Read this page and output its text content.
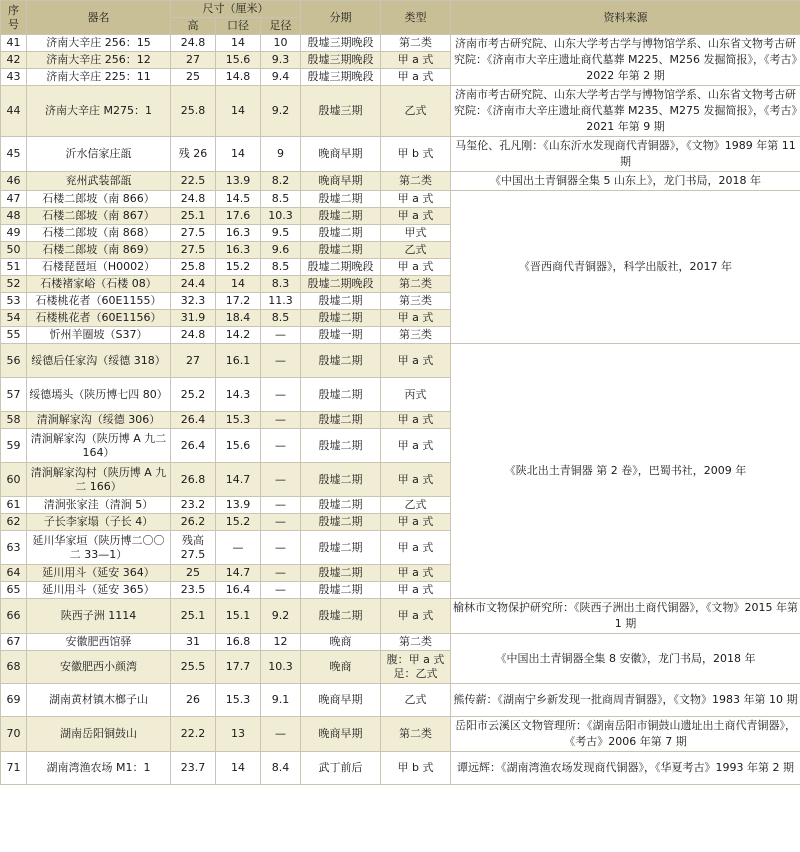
序号	器名	尺寸（厘米）			分期	类型	资料来源
		高	口径	足径			
41	济南大辛庄 256：15	24.8	14	10	殷墟三期晚段	第二类	济南市考古研究院、山东大学考古学与博物馆学系、山东省文物考古研究院：《济南市大辛庄遗址商代墓葬 M225、M256 发掘简报》，《考古》2022 年第 2 期
42	济南大辛庄 256：12	27	15.6	9.3	殷墟三期晚段	甲 a 式	
43	济南大辛庄 225：11	25	14.8	9.4	殷墟三期晚段	甲 a 式	
44	济南大辛庄 M275：1	25.8	14	9.2	殷墟三期	乙式	济南市考古研究院、山东大学考古学与博物馆学系、山东省文物考古研究院：《济南市大辛庄遗址商代墓葬 M235、M275 发掘简报》，《考古》2021 年第 9 期
45	沂水信家庄瓿	残 26	14	9	晚商早期	甲 b 式	马玺伦、孔凡刚：《山东沂水发现商代青铜器》，《文物》1989 年第 11 期
46	兖州武装部瓿	22.5	13.9	8.2	晚商早期	第二类	《中国出土青铜器全集 5 山东上》，龙门书局，2018 年
47	石楼二郎坡（南 866）	24.8	14.5	8.5	殷墟二期	甲 a 式	《晋西商代青铜器》，科学出版社，2017 年
48	石楼二郎坡（南 867）	25.1	17.6	10.3	殷墟二期	甲 a 式	
49	石楼二郎坡（南 868）	27.5	16.3	9.5	殷墟二期	甲式	
50	石楼二郎坡（南 869）	27.5	16.3	9.6	殷墟二期	乙式	
51	石楼琵琶垣（H0002）	25.8	15.2	8.5	殷墟二期晚段	甲 a 式	
52	石楼褚家峪（石楼 08）	24.4	14	8.3	殷墟二期晚段	第二类	
53	石楼桃花者（60E1155）	32.3	17.2	11.3	殷墟二期	第三类	
54	石楼桃花者（60E1156）	31.9	18.4	8.5	殷墟二期	甲 a 式	
55	忻州羊圈坡（S37）	24.8	14.2	—	殷墟一期	第三类	
56	绥德后任家沟（绥德 318）	27	16.1	—	殷墟二期	甲 a 式	《陕北出土青铜器 第 2 卷》，巴蜀书社，2009 年
57	绥德墕头（陕历博七四 80）	25.2	14.3	—	殷墟二期	丙式	
58	清涧解家沟（绥德 306）	26.4	15.3	—	殷墟二期	甲 a 式	
59	清涧解家沟（陕历博 A 九二 164）	26.4	15.6	—	殷墟二期	甲 a 式	
60	清涧解家沟村（陕历博 A 九二 166）	26.8	14.7	—	殷墟二期	甲 a 式	
61	清涧张家洼（清涧 5）	23.2	13.9	—	殷墟二期	乙式	
62	子长李家塌（子长 4）	26.2	15.2	—	殷墟二期	甲 a 式	
63	延川华家垣（陕历博二〇〇二 33—1）	残高 27.5	—	—	殷墟二期	甲 a 式	
64	延川用斗（延安 364）	25	14.7	—	殷墟二期	甲 a 式	
65	延川用斗（延安 365）	23.5	16.4	—	殷墟二期	甲 a 式	
66	陕西子洲 1114	25.1	15.1	9.2	殷墟二期	甲 a 式	榆林市文物保护研究所：《陕西子洲出土商代铜器》，《文物》2015 年第 1 期
67	安徽肥西馆驿	31	16.8	12	晚商	第二类	《中国出土青铜器全集 8 安徽》，龙门书局，2018 年
68	安徽肥西小颜湾	25.5	17.7	10.3	晚商	腹：甲 a 式 足：乙式	
69	湖南黄材镇木榔子山	26	15.3	9.1	晚商早期	乙式	熊传薪：《湖南宁乡新发现一批商周青铜器》，《文物》1983 年第 10 期
70	湖南岳阳铜鼓山	22.2	13	—	晚商早期	第二类	岳阳市云溪区文物管理所：《湖南岳阳市铜鼓山遗址出土商代青铜器》，《考古》2006 年第 7 期
71	湖南湾渔农场 M1：1	23.7	14	8.4	武丁前后	甲 b 式	谭远辉：《湖南湾渔农场发现商代铜器》，《华夏考古》1993 年第 2 期
